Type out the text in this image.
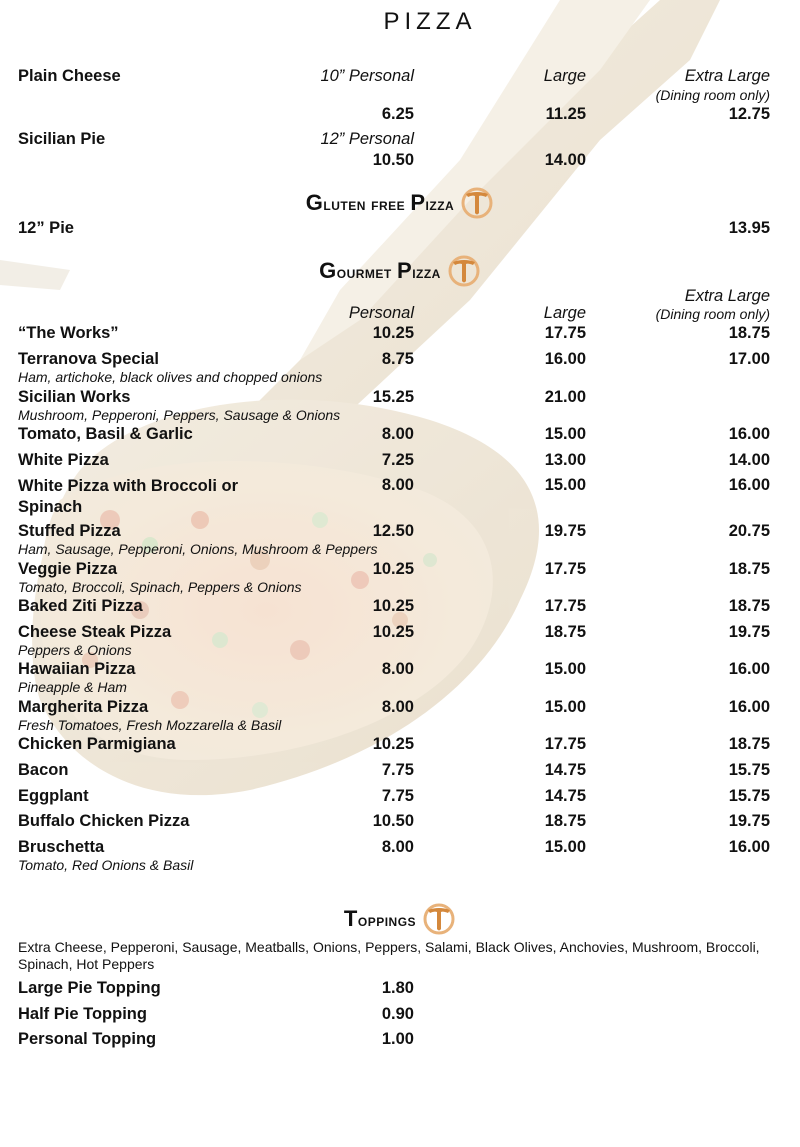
PIZZA
Plain Cheese	10” Personal	Large	Extra Large
(Dining room only)
6.25	11.25	12.75
Sicilian Pie	12” Personal
10.50	14.00
Gluten free Pizza
12” Pie	13.95
Gourmet Pizza
Extra Large
Personal	Large	(Dining room only)
“The Works”	10.25	17.75	18.75
Terranova Special
Ham, artichoke, black olives and chopped onions
8.75	16.00	17.00
Sicilian Works
Mushroom, Pepperoni, Peppers, Sausage & Onions
15.25	21.00
Tomato, Basil & Garlic	8.00	15.00	16.00
White Pizza	7.25	13.00	14.00
White Pizza with Broccoli or Spinach
8.00	15.00	16.00
Stuffed Pizza
Ham, Sausage, Pepperoni, Onions, Mushroom & Peppers
12.50	19.75	20.75
Veggie Pizza
Tomato, Broccoli, Spinach, Peppers & Onions
10.25	17.75	18.75
Baked Ziti Pizza	10.25	17.75	18.75
Cheese Steak Pizza
Peppers & Onions
10.25	18.75	19.75
Hawaiian Pizza
Pineapple & Ham
8.00	15.00	16.00
Margherita Pizza
Fresh Tomatoes, Fresh Mozzarella & Basil
8.00	15.00	16.00
Chicken Parmigiana	10.25	17.75	18.75
Bacon	7.75	14.75	15.75
Eggplant	7.75	14.75	15.75
Buffalo Chicken Pizza	10.50	18.75	19.75
Bruschetta
Tomato, Red Onions & Basil
8.00	15.00	16.00
Toppings
Extra Cheese, Pepperoni, Sausage, Meatballs, Onions, Peppers, Salami, Black Olives, Anchovies, Mushroom, Broccoli, Spinach, Hot Peppers
Large Pie Topping	1.80
Half Pie Topping	0.90
Personal Topping	1.00
